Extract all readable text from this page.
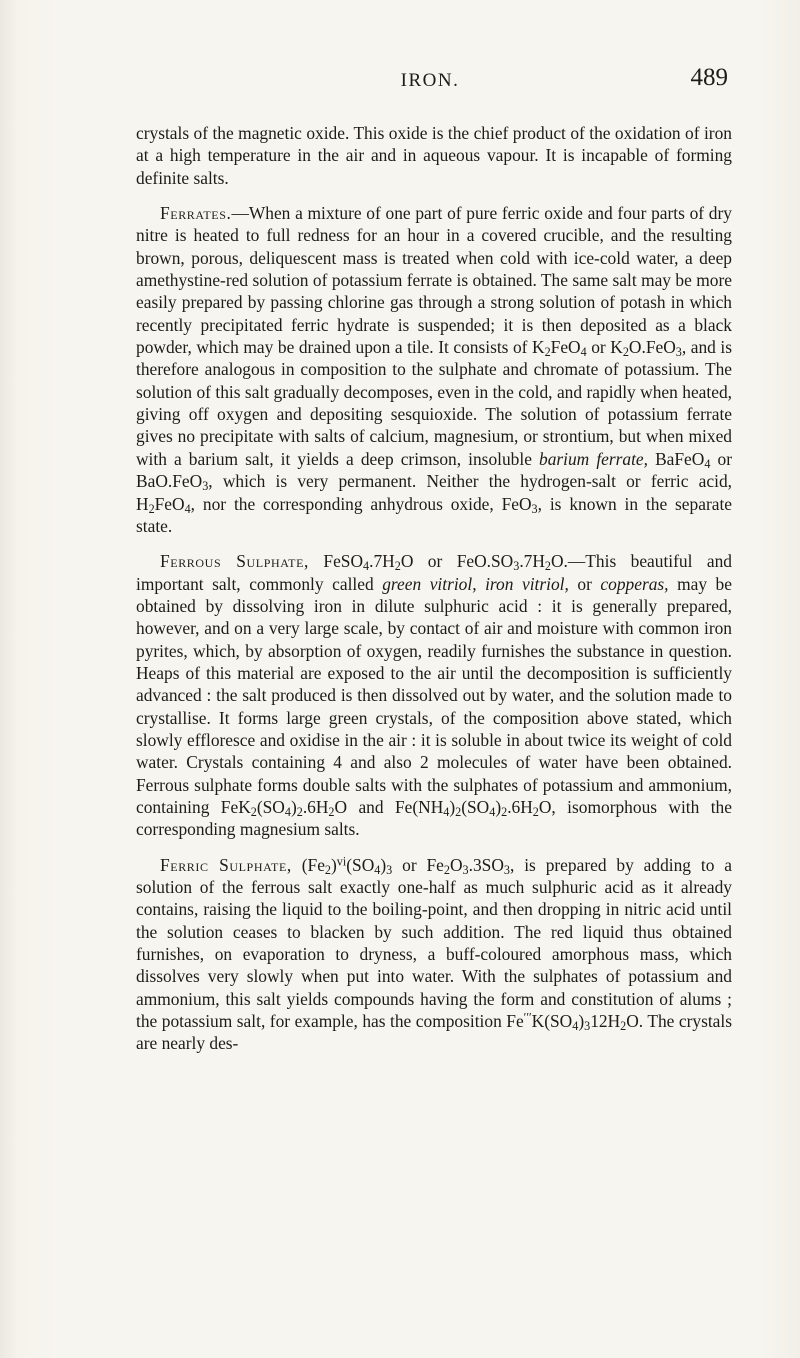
IRON.	489

crystals of the magnetic oxide. This oxide is the chief product of the oxidation of iron at a high temperature in the air and in aqueous vapour. It is incapable of forming definite salts.

Ferrates.—When a mixture of one part of pure ferric oxide and four parts of dry nitre is heated to full redness for an hour in a covered crucible, and the resulting brown, porous, deliquescent mass is treated when cold with ice-cold water, a deep amethystine-red solution of potassium ferrate is obtained. The same salt may be more easily prepared by passing chlorine gas through a strong solution of potash in which recently precipitated ferric hydrate is suspended; it is then deposited as a black powder, which may be drained upon a tile. It consists of $K_2FeO_4$ or $K_2O.FeO_3$, and is therefore analogous in composition to the sulphate and chromate of potassium. The solution of this salt gradually decomposes, even in the cold, and rapidly when heated, giving off oxygen and depositing sesquioxide. The solution of potassium ferrate gives no precipitate with salts of calcium, magnesium, or strontium, but when mixed with a barium salt, it yields a deep crimson, insoluble barium ferrate, BaFeO$_4$ or BaO.FeO$_3$, which is very permanent. Neither the hydrogen-salt or ferric acid, $H_2FeO_4$, nor the corresponding anhydrous oxide, FeO$_3$, is known in the separate state.

Ferrous Sulphate, $FeSO_4.7H_2O$ or $FeO.SO_3.7H_2O.—This$ beautiful and important salt, commonly called green vitriol, iron vitriol, or copperas, may be obtained by dissolving iron in dilute sulphuric acid : it is generally prepared, however, and on a very large scale, by contact of air and moisture with common iron pyrites, which, by absorption of oxygen, readily furnishes the substance in question. Heaps of this material are exposed to the air until the decomposition is sufficiently advanced : the salt produced is then dissolved out by water, and the solution made to crystallise. It forms large green crystals, of the composition above stated, which slowly effloresce and oxidise in the air : it is soluble in about twice its weight of cold water. Crystals containing 4 and also 2 molecules of water have been obtained. Ferrous sulphate forms double salts with the sulphates of potassium and ammonium, containing $FeK_2(SO_4)_2.6H_2O$ and $Fe(NH_4)_2(SO_4)_2.6H_2O$, isomorphous with the corresponding magnesium salts.

Ferric Sulphate, $(Fe_2)^{vi}(SO_4)_3$ or $Fe_2O_3.3SO_3$, is prepared by adding to a solution of the ferrous salt exactly one-half as much sulphuric acid as it already contains, raising the liquid to the boiling-point, and then dropping in nitric acid until the solution ceases to blacken by such addition. The red liquid thus obtained furnishes, on evaporation to dryness, a buff-coloured amorphous mass, which dissolves very slowly when put into water. With the sulphates of potassium and ammonium, this salt yields compounds having the form and constitution of alums ; the potassium salt, for example, has the composition $Fe'''K(SO_4)_312H_2O$. The crystals are nearly des-
